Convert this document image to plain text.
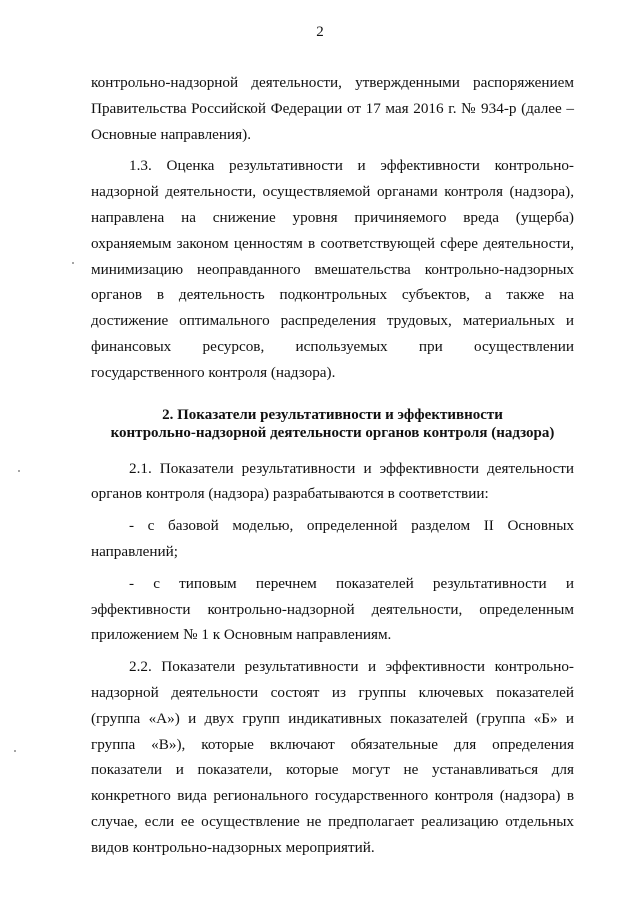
2

контрольно-надзорной деятельности, утвержденными распоряжением Правительства Российской Федерации от 17 мая 2016 г. № 934-р (далее – Основные направления).

1.3. Оценка результативности и эффективности контрольно-надзорной деятельности, осуществляемой органами контроля (надзора), направлена на снижение уровня причиняемого вреда (ущерба) охраняемым законом ценностям в соответствующей сфере деятельности, минимизацию неоправданного вмешательства контрольно-надзорных органов в деятельность подконтрольных субъектов, а также на достижение оптимального распределения трудовых, материальных и финансовых ресурсов, используемых при осуществлении государственного контроля (надзора).

2. Показатели результативности и эффективности
контрольно-надзорной деятельности органов контроля (надзора)

2.1. Показатели результативности и эффективности деятельности органов контроля (надзора) разрабатываются в соответствии:

- с базовой моделью, определенной разделом II Основных направлений;

- с типовым перечнем показателей результативности и эффективности контрольно-надзорной деятельности, определенным приложением № 1 к Основным направлениям.

2.2. Показатели результативности и эффективности контрольно-надзорной деятельности состоят из группы ключевых показателей (группа «А») и двух групп индикативных показателей (группа «Б» и группа «В»), которые включают обязательные для определения показатели и показатели, которые могут не устанавливаться для конкретного вида регионального государственного контроля (надзора) в случае, если ее осуществление не предполагает реализацию отдельных видов контрольно-надзорных мероприятий.
